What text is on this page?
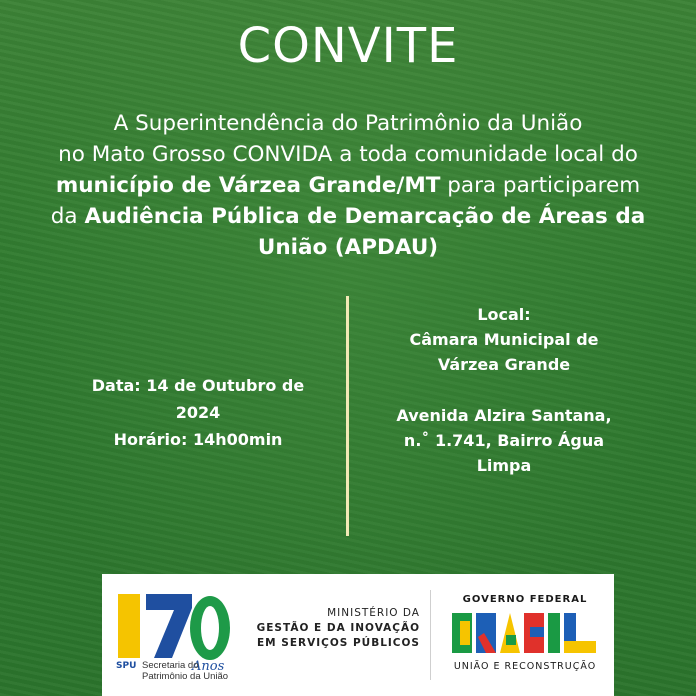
CONVITE
A Superintendência do Patrimônio da União
no Mato Grosso CONVIDA a toda comunidade local do
município de Várzea Grande/MT para participarem
da Audiência Pública de Demarcação de Áreas da
União (APDAU)
Data: 14 de Outubro de
2024
Horário: 14h00min
Local:
Câmara Municipal de
Várzea Grande
Avenida Alzira Santana,
n.˚ 1.741, Bairro Água
Limpa
SPU	Anos
Secretaria do
Patrimônio da União
MINISTÉRIO DA
GESTÃO E DA INOVAÇÃO
EM SERVIÇOS PÚBLICOS
GOVERNO FEDERAL
BRASIL
UNIÃO E RECONSTRUÇÃO
